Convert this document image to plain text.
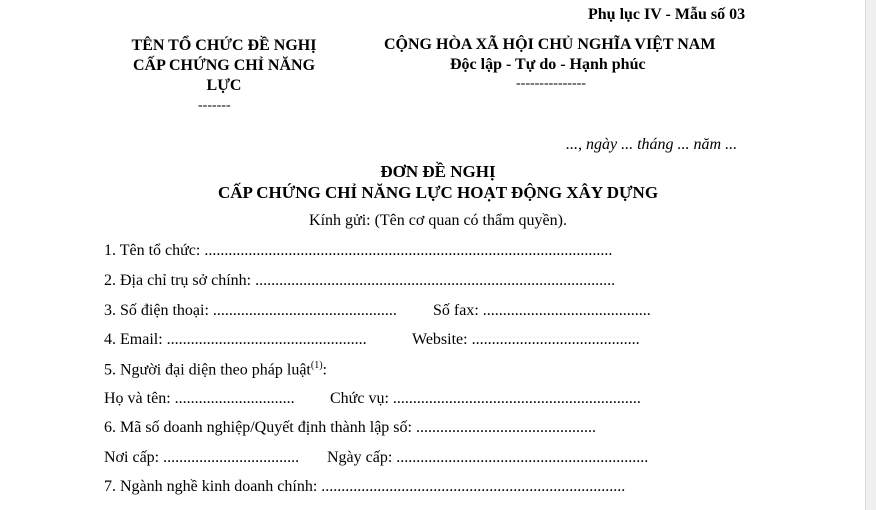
Phụ lục IV - Mẫu số 03
TÊN TỔ CHỨC ĐỀ NGHỊ
CẤP CHỨNG CHỈ NĂNG
LỰC
-------
CỘNG HÒA XÃ HỘI CHỦ NGHĨA VIỆT NAM
Độc lập - Tự do - Hạnh phúc
---------------
..., ngày ... tháng ... năm ...
ĐƠN ĐỀ NGHỊ
CẤP CHỨNG CHỈ NĂNG LỰC HOẠT ĐỘNG XÂY DỰNG
Kính gửi: (Tên cơ quan có thẩm quyền).
1. Tên tổ chức: ......................................................................................................
2. Địa chỉ trụ sở chính: ..........................................................................................
3. Số điện thoại: .............................................. Số fax: ..........................................
4. Email: ..................................................	Website: ..........................................
5. Người đại diện theo pháp luật$^{(1)}$:
Họ và tên: .............................. Chức vụ: ..............................................................
6. Mã số doanh nghiệp/Quyết định thành lập số: .............................................
Nơi cấp: .................................. Ngày cấp: ...............................................................
7. Ngành nghề kinh doanh chính: ............................................................................
